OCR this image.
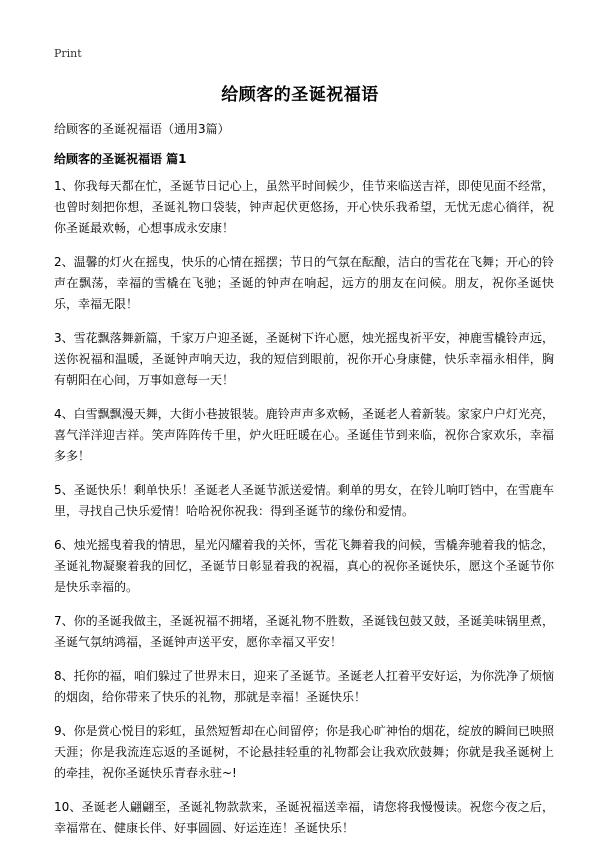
Print
给顾客的圣诞祝福语

给顾客的圣诞祝福语（通用3篇）

给顾客的圣诞祝福语 篇1

1、你我每天都在忙，圣诞节日记心上，虽然平时间候少，佳节来临送吉祥，即使见面不经常，也曾时刻把你想，圣诞礼物口袋装，钟声起伏更悠扬，开心快乐我希望，无忧无虑心徜徉，祝你圣诞最欢畅，心想事成永安康！

2、温馨的灯火在摇曳，快乐的心情在摇摆；节日的气氛在酝酿，洁白的雪花在飞舞；开心的铃声在飘荡，幸福的雪橇在飞驰；圣诞的钟声在响起，远方的朋友在问候。朋友，祝你圣诞快乐，幸福无限！

3、雪花飘落舞新篇，千家万户迎圣诞，圣诞树下许心愿，烛光摇曳祈平安，神鹿雪橇铃声远，送你祝福和温暖，圣诞钟声响天边，我的短信到眼前，祝你开心身康健，快乐幸福永相伴，胸有朝阳在心间，万事如意每一天！

4、白雪飘飘漫天舞，大街小巷披银装。鹿铃声声多欢畅，圣诞老人着新装。家家户户灯光亮，喜气洋洋迎吉祥。笑声阵阵传千里，炉火旺旺暖在心。圣诞佳节到来临，祝你合家欢乐，幸福多多！

5、圣诞快乐！剩单快乐！圣诞老人圣诞节派送爱情。剩单的男女，在铃儿响叮铛中，在雪鹿车里，寻找自己快乐爱情！哈哈祝你祝我：得到圣诞节的缘份和爱情。

6、烛光摇曳着我的情思，星光闪耀着我的关怀，雪花飞舞着我的问候，雪橇奔驰着我的惦念，圣诞礼物凝聚着我的回忆，圣诞节日彰显着我的祝福，真心的祝你圣诞快乐，愿这个圣诞节你是快乐幸福的。

7、你的圣诞我做主，圣诞祝福不拥堵，圣诞礼物不胜数，圣诞钱包鼓又鼓，圣诞美味锅里煮，圣诞气氛纳鸿福，圣诞钟声送平安，愿你幸福又平安！

8、托你的福，咱们躲过了世界末日，迎来了圣诞节。圣诞老人扛着平安好运，为你洗净了烦恼的烟囱，给你带来了快乐的礼物，那就是幸福！圣诞快乐！

9、你是赏心悦目的彩虹，虽然短暂却在心间留停；你是我心旷神怡的烟花，绽放的瞬间已映照天涯；你是我流连忘返的圣诞树，不论悬挂轻重的礼物都会让我欢欣鼓舞；你就是我圣诞树上的牵挂，祝你圣诞快乐青春永驻~!

10、圣诞老人翩翩至，圣诞礼物款款来，圣诞祝福送幸福，请您将我慢慢读。祝您今夜之后，幸福常在、健康长伴、好事圆圆、好运连连！圣诞快乐！
